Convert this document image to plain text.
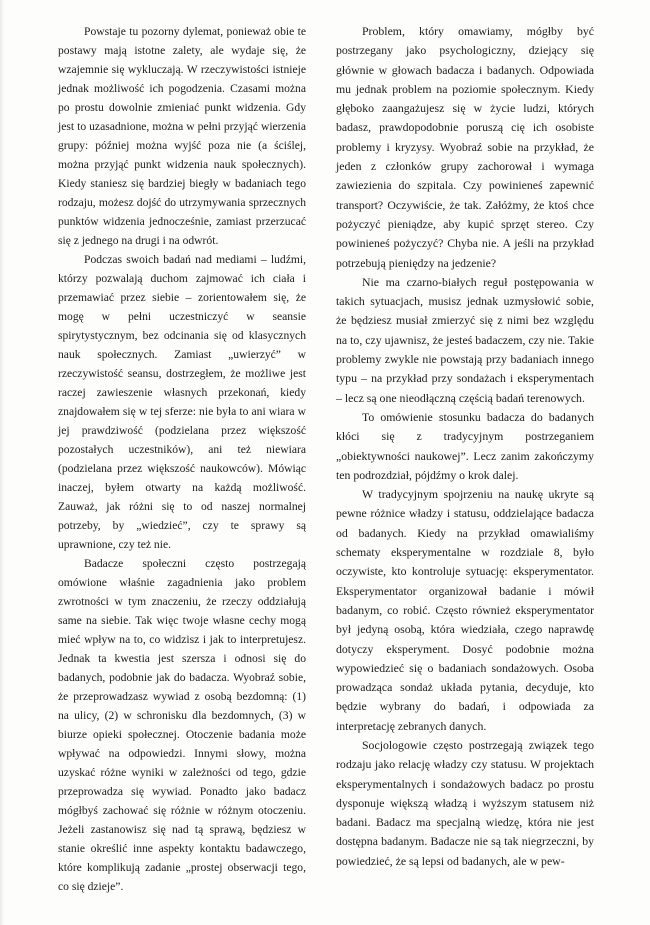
Powstaje tu pozorny dylemat, ponieważ obie te postawy mają istotne zalety, ale wydaje się, że wzajemnie się wykluczają. W rzeczywistości istnieje jednak możliwość ich pogodzenia. Czasami można po prostu dowolnie zmieniać punkt widzenia. Gdy jest to uzasadnione, można w pełni przyjąć wierzenia grupy: później można wyjść poza nie (a ściślej, można przyjąć punkt widzenia nauk społecznych). Kiedy staniesz się bardziej biegły w badaniach tego rodzaju, możesz dojść do utrzymywania sprzecznych punktów widzenia jednocześnie, zamiast przerzucać się z jednego na drugi i na odwrót.

Podczas swoich badań nad mediami – ludźmi, którzy pozwalają duchom zajmować ich ciała i przemawiać przez siebie – zorientowałem się, że mogę w pełni uczestniczyć w seansie spirytystycznym, bez odcinania się od klasycznych nauk społecznych. Zamiast „uwierzyć” w rzeczywistość seansu, dostrzegłem, że możliwe jest raczej zawieszenie własnych przekonań, kiedy znajdowałem się w tej sferze: nie była to ani wiara w jej prawdziwość (podzielana przez większość pozostałych uczestników), ani też niewiara (podzielana przez większość naukowców). Mówiąc inaczej, byłem otwarty na każdą możliwość. Zauważ, jak różni się to od naszej normalnej potrzeby, by „wiedzieć”, czy te sprawy są uprawnione, czy też nie.

Badacze społeczni często postrzegają omówione właśnie zagadnienia jako problem zwrotności w tym znaczeniu, że rzeczy oddziałują same na siebie. Tak więc twoje własne cechy mogą mieć wpływ na to, co widzisz i jak to interpretujesz. Jednak ta kwestia jest szersza i odnosi się do badanych, podobnie jak do badacza. Wyobraź sobie, że przeprowadzasz wywiad z osobą bezdomną: (1) na ulicy, (2) w schronisku dla bezdomnych, (3) w biurze opieki społecznej. Otoczenie badania może wpływać na odpowiedzi. Innymi słowy, można uzyskać różne wyniki w zależności od tego, gdzie przeprowadza się wywiad. Ponadto jako badacz mógłbyś zachować się różnie w różnym otoczeniu. Jeżeli zastanowisz się nad tą sprawą, będziesz w stanie określić inne aspekty kontaktu badawczego, które komplikują zadanie „prostej obserwacji tego, co się dzieje”.

Problem, który omawiamy, mógłby być postrzegany jako psychologiczny, dziejący się głównie w głowach badacza i badanych. Odpowiada mu jednak problem na poziomie społecznym. Kiedy głęboko zaangażujesz się w życie ludzi, których badasz, prawdopodobnie poruszą cię ich osobiste problemy i kryzysy. Wyobraź sobie na przykład, że jeden z członków grupy zachorował i wymaga zawiezienia do szpitala. Czy powinieneś zapewnić transport? Oczywiście, że tak. Załóżmy, że ktoś chce pożyczyć pieniądze, aby kupić sprzęt stereo. Czy powinieneś pożyczyć? Chyba nie. A jeśli na przykład potrzebują pieniędzy na jedzenie?

Nie ma czarno-białych reguł postępowania w takich sytuacjach, musisz jednak uzmysłowić sobie, że będziesz musiał zmierzyć się z nimi bez względu na to, czy ujawnisz, że jesteś badaczem, czy nie. Takie problemy zwykle nie powstają przy badaniach innego typu – na przykład przy sondażach i eksperymentach – lecz są one nieodłączną częścią badań terenowych.

To omówienie stosunku badacza do badanych kłóci się z tradycyjnym postrzeganiem „obiektywności naukowej”. Lecz zanim zakończymy ten podrozdział, pójdźmy o krok dalej.

W tradycyjnym spojrzeniu na naukę ukryte są pewne różnice władzy i statusu, oddzielające badacza od badanych. Kiedy na przykład omawialiśmy schematy eksperymentalne w rozdziale 8, było oczywiste, kto kontroluje sytuację: eksperymentator. Eksperymentator organizował badanie i mówił badanym, co robić. Często również eksperymentator był jedyną osobą, która wiedziała, czego naprawdę dotyczy eksperyment. Dosyć podobnie można wypowiedzieć się o badaniach sondażowych. Osoba prowadząca sondaż układa pytania, decyduje, kto będzie wybrany do badań, i odpowiada za interpretację zebranych danych.

Socjologowie często postrzegają związek tego rodzaju jako relację władzy czy statusu. W projektach eksperymentalnych i sondażowych badacz po prostu dysponuje większą władzą i wyższym statusem niż badani. Badacz ma specjalną wiedzę, która nie jest dostępna badanym. Badacze nie są tak niegrzeczni, by powiedzieć, że są lepsi od badanych, ale w pew-
